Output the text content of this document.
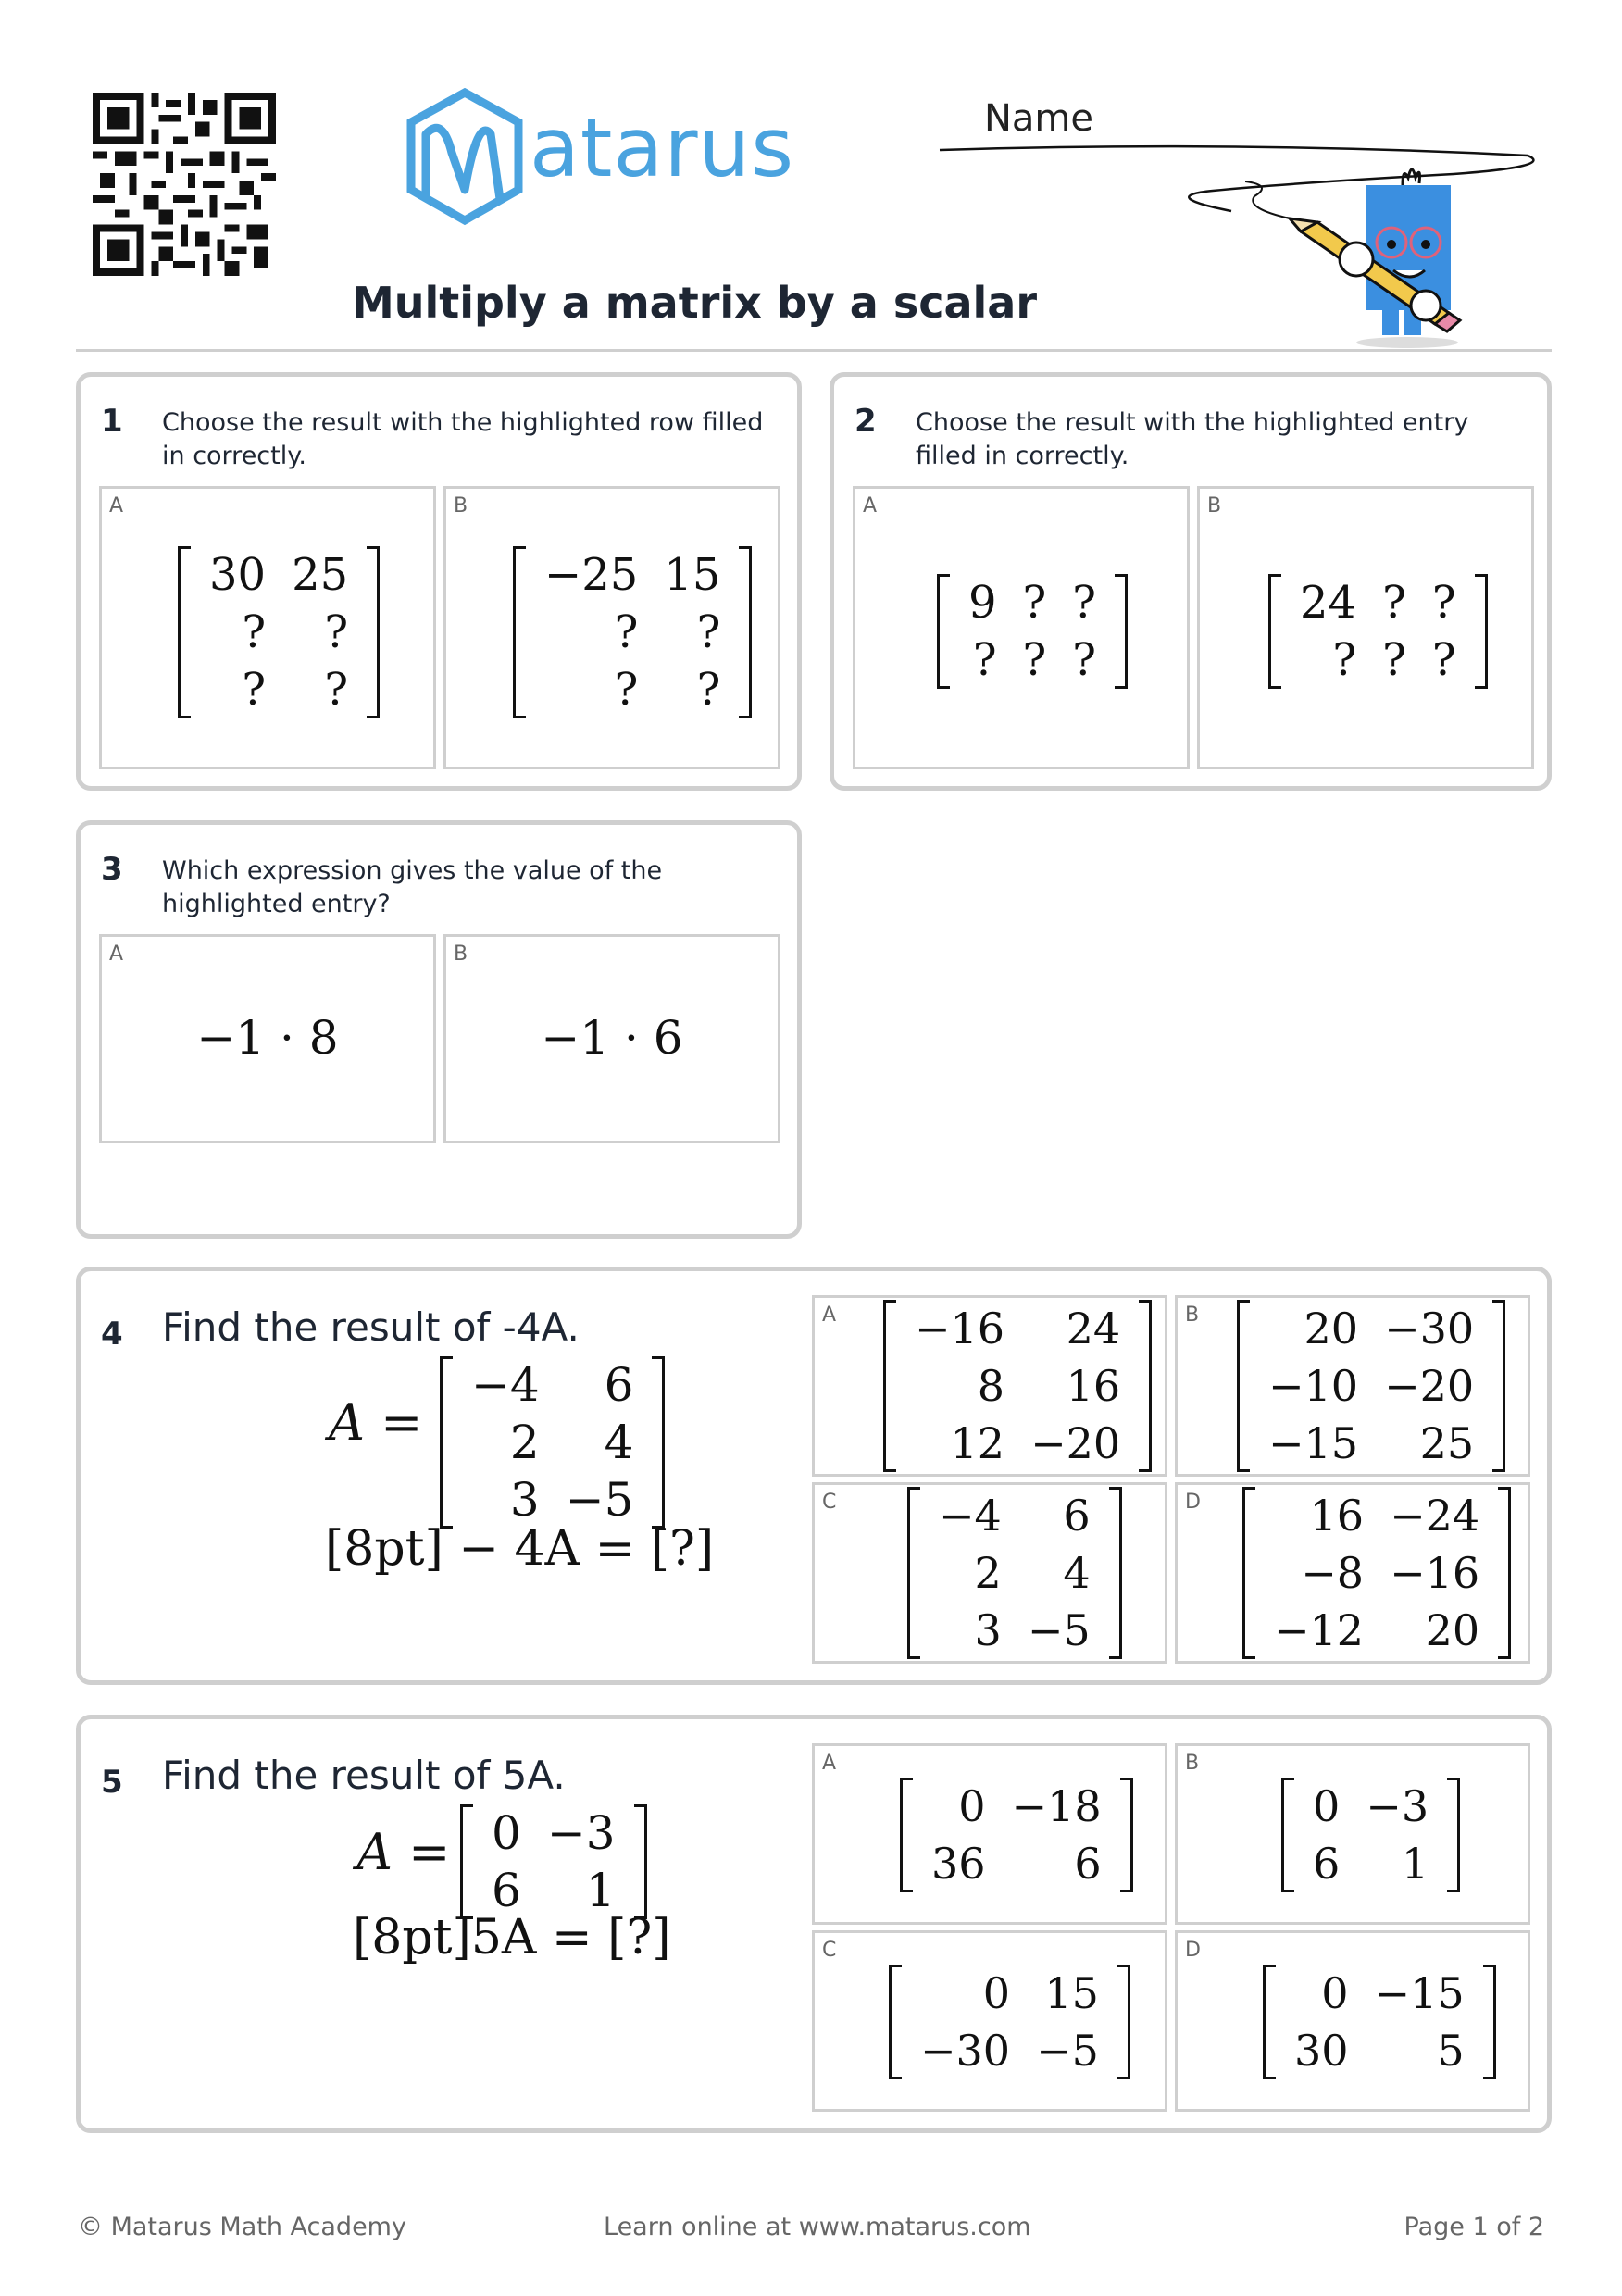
atarus	Name
Multiply a matrix by a scalar
1 Choose the result with the highlighted row filled in correctly.
A
30 25
?	?
?	?
B
−25 15
?	?
?	?
2 Choose the result with the highlighted entry filled in correctly.
A
9 ? ?
? ? ?
B
24 ? ?
? ? ?
3 Which expression gives the value of the highlighted entry?
A
−1 · 8
B
−1 · 6
4 Find the result of -4A.
A =
−4	6
2	4
3 −5
[8pt] − 4A = [?]
A	−16	24
8	16
12 −20
B	20 −30
−10 −20
−15	25
C	−4	6
2	4
3 −5
D	16 −24
−8 −16
−12	20
5 Find the result of 5A.
A = 0 −3
6	1
[8pt]5A = [?]
A
0 −18
36	6
B
0 −3
6	1
C
0 15
−30 −5
D
0 −15
30	5
© Matarus Math Academy	Learn online at www.matarus.com	Page 1 of 2
